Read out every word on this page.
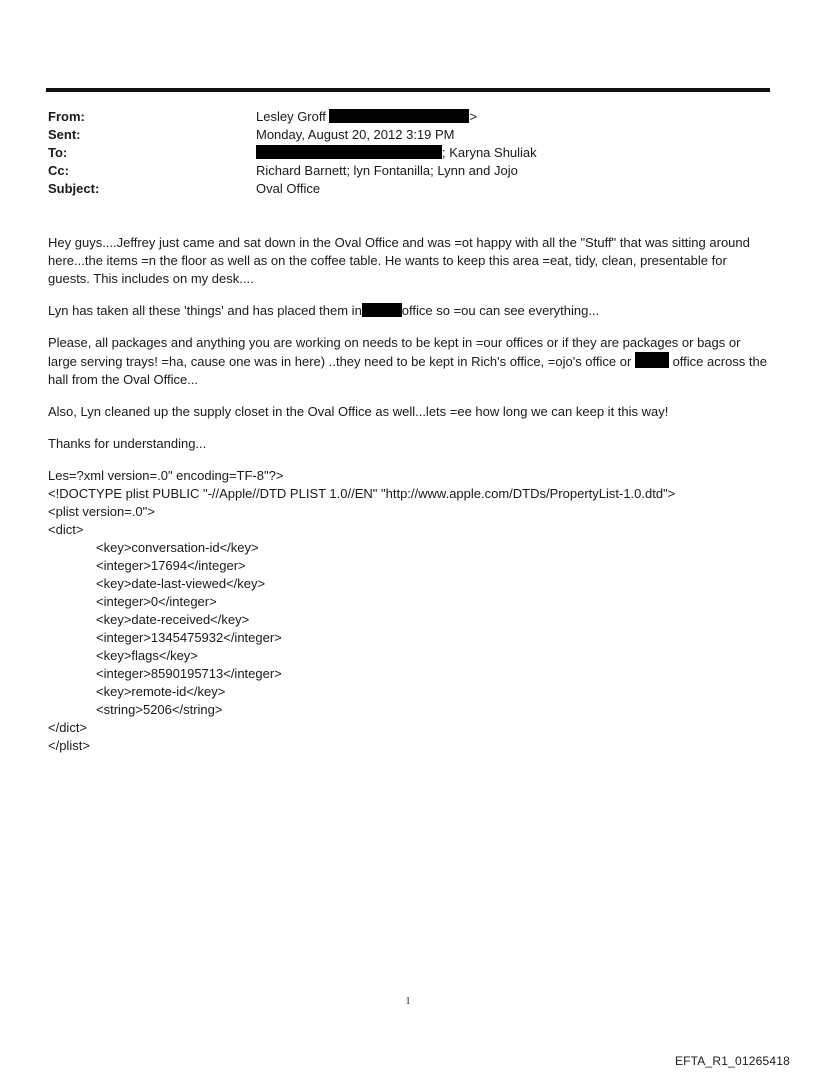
From:	Lesley Groff	>
Sent:	Monday, August 20, 2012 3:19 PM
To:	; Karyna Shuliak
Cc:	Richard Barnett; lyn Fontanilla; Lynn and Jojo
Subject:	Oval Office

Hey guys....Jeffrey just came and sat down in the Oval Office and was =ot happy with all the "Stuff" that was sitting around here...the items =n the floor as well as on the coffee table. He wants to keep this area =eat, tidy, clean, presentable for guests. This includes on my desk....

Lyn has taken all these 'things' and has placed them in	office so =ou can see everything...

Please, all packages and anything you are working on needs to be kept in =our offices or if they are packages or bags or large serving trays! =ha, cause one was in here) ..they need to be kept in Rich's office, =ojo's office or	office across the hall from the Oval Office...

Also, Lyn cleaned up the supply closet in the Oval Office as well...lets =ee how long we can keep it this way!

Thanks for understanding...

Les=?xml version=.0" encoding=TF-8"?>
<!DOCTYPE plist PUBLIC "-//Apple//DTD PLIST 1.0//EN" "http://www.apple.com/DTDs/PropertyList-1.0.dtd">
<plist version=.0">
<dict>
<key>conversation-id</key>
<integer>17694</integer>
<key>date-last-viewed</key>
<integer>0</integer>
<key>date-received</key>
<integer>1345475932</integer>
<key>flags</key>
<integer>8590195713</integer>
<key>remote-id</key>
<string>5206</string>
</dict>
</plist>
1
EFTA_R1_01265418
